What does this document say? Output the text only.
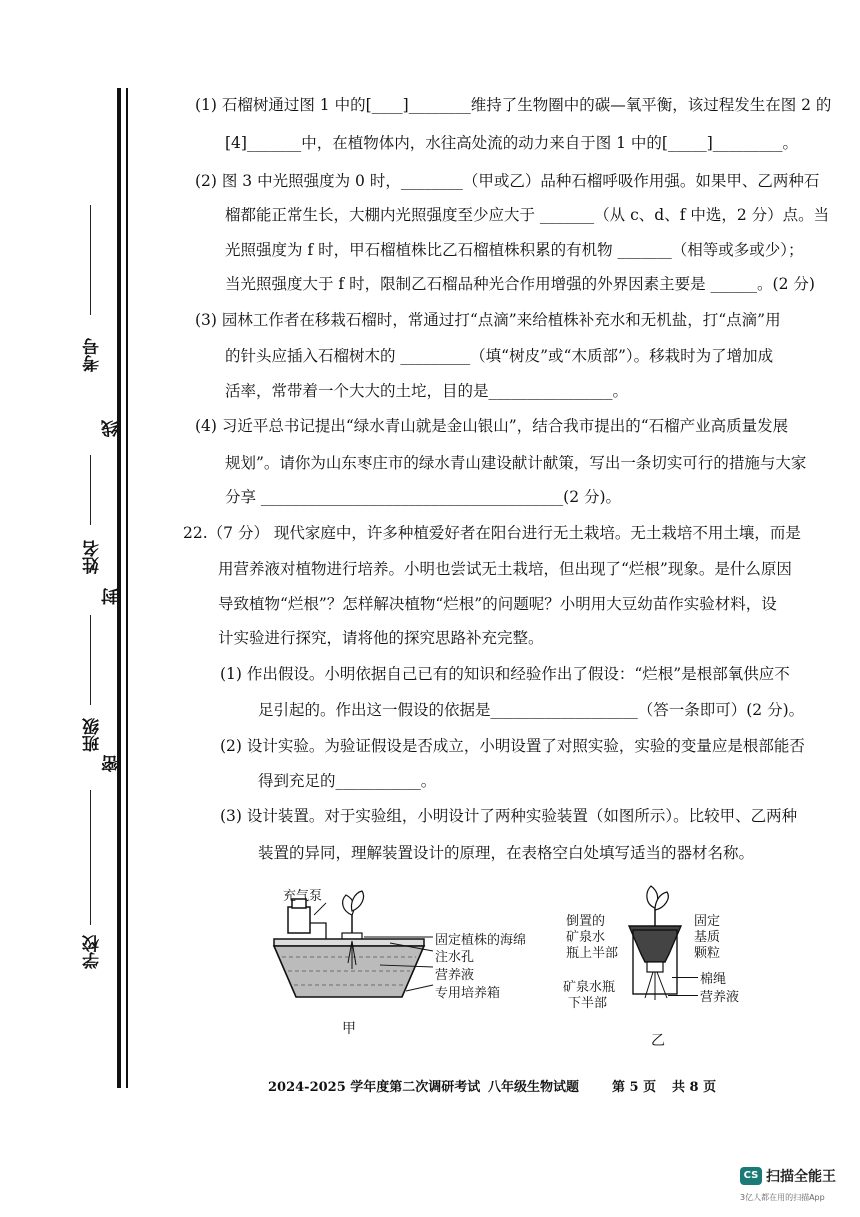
考号
线
姓名
封
班级
密
学校
(1) 石榴树通过图 1 中的[____]________维持了生物圈中的碳—氧平衡，该过程发生在图 2 的
[4]_______中，在植物体内，水往高处流的动力来自于图 1 中的[_____]_________。
(2) 图 3 中光照强度为 0 时，________（甲或乙）品种石榴呼吸作用强。如果甲、乙两种石
榴都能正常生长，大棚内光照强度至少应大于 _______（从 c、d、f 中选，2 分）点。当
光照强度为 f 时，甲石榴植株比乙石榴植株积累的有机物 _______（相等或多或少）；
当光照强度大于 f 时，限制乙石榴品种光合作用增强的外界因素主要是 ______。(2 分)
(3) 园林工作者在移栽石榴时，常通过打“点滴”来给植株补充水和无机盐，打“点滴”用
的针头应插入石榴树木的 _________（填“树皮”或“木质部”）。移栽时为了增加成
活率，常带着一个大大的土坨，目的是________________。
(4) 习近平总书记提出“绿水青山就是金山银山”，结合我市提出的“石榴产业高质量发展
规划”。请你为山东枣庄市的绿水青山建设献计献策，写出一条切实可行的措施与大家
分享 _______________________________________(2 分)。
22.（7 分） 现代家庭中，许多种植爱好者在阳台进行无土栽培。无土栽培不用土壤，而是
用营养液对植物进行培养。小明也尝试无土栽培，但出现了“烂根”现象。是什么原因
导致植物“烂根”？怎样解决植物“烂根”的问题呢？小明用大豆幼苗作实验材料，设
计实验进行探究，请将他的探究思路补充完整。
(1) 作出假设。小明依据自己已有的知识和经验作出了假设：“烂根”是根部氧供应不
足引起的。作出这一假设的依据是___________________（答一条即可）(2 分)。
(2) 设计实验。为验证假设是否成立，小明设置了对照实验，实验的变量应是根部能否
得到充足的___________。
(3) 设计装置。对于实验组，小明设计了两种实验装置（如图所示）。比较甲、乙两种
装置的异同，理解装置设计的原理，在表格空白处填写适当的器材名称。
充气泵
固定植株的海绵
注水孔
营养液
专用培养箱
甲
倒置的
矿泉水
瓶上半部
固定
基质
颗粒
棉绳
矿泉水瓶
下半部	营养液
乙
2024-2025 学年度第二次调研考试 八年级生物试题	第 5 页 共 8 页
CS 扫描全能王
3亿人都在用的扫描App
